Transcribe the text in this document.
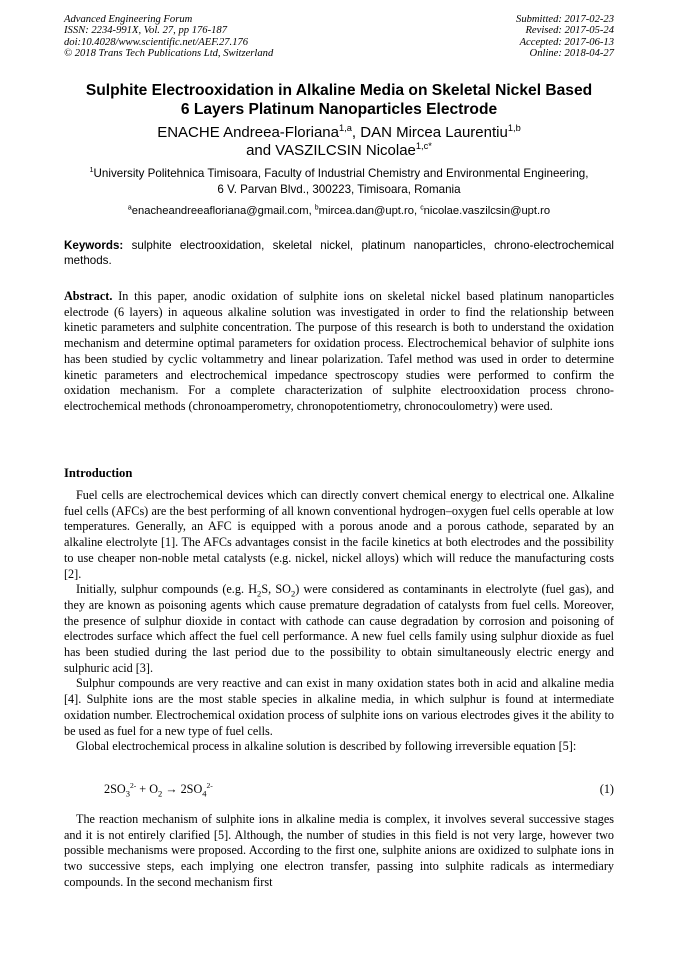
Advanced Engineering Forum
ISSN: 2234-991X, Vol. 27, pp 176-187
doi:10.4028/www.scientific.net/AEF.27.176
© 2018 Trans Tech Publications Ltd, Switzerland
Submitted: 2017-02-23
Revised: 2017-05-24
Accepted: 2017-06-13
Online: 2018-04-27
Sulphite Electrooxidation in Alkaline Media on Skeletal Nickel Based
6 Layers Platinum Nanoparticles Electrode
ENACHE Andreea-Floriana$^{1,a}$, DAN Mircea Laurentiu$^{1,b}$
and VASZILCSIN Nicolae$^{1,c*}$
$^1$University Politehnica Timisoara, Faculty of Industrial Chemistry and Environmental Engineering,
6 V. Parvan Blvd., 300223, Timisoara, Romania
$^a$enacheandreeafloriana@gmail.com, $^b$mircea.dan@upt.ro, $^c$nicolae.vaszilcsin@upt.ro
Keywords: sulphite electrooxidation, skeletal nickel, platinum nanoparticles, chrono-electrochemical methods.
Abstract. In this paper, anodic oxidation of sulphite ions on skeletal nickel based platinum nanoparticles electrode (6 layers) in aqueous alkaline solution was investigated in order to find the relationship between kinetic parameters and sulphite concentration. The purpose of this research is both to understand the oxidation mechanism and determine optimal parameters for oxidation process. Electrochemical behavior of sulphite ions has been studied by cyclic voltammetry and linear polarization. Tafel method was used in order to determine kinetic parameters and electrochemical impedance spectroscopy studies were performed to confirm the oxidation mechanism. For a complete characterization of sulphite electrooxidation process chrono-electrochemical methods (chronoamperometry, chronopotentiometry, chronocoulometry) were used.
Introduction

Fuel cells are electrochemical devices which can directly convert chemical energy to electrical one. Alkaline fuel cells (AFCs) are the best performing of all known conventional hydrogen–oxygen fuel cells operable at low temperatures. Generally, an AFC is equipped with a porous anode and a porous cathode, separated by an alkaline electrolyte [1]. The AFCs advantages consist in the facile kinetics at both electrodes and the possibility to use cheaper non-noble metal catalysts (e.g. nickel, nickel alloys) which will reduce the manufacturing costs [2].

Initially, sulphur compounds (e.g. $H_2S$, $SO_2$) were considered as contaminants in electrolyte (fuel gas), and they are known as poisoning agents which cause premature degradation of catalysts from fuel cells. Moreover, the presence of sulphur dioxide in contact with cathode can cause degradation by corrosion and poisoning of electrodes surface which affect the fuel cell performance. A new fuel cells family using sulphur dioxide as fuel has been studied during the last period due to the possibility to obtain simultaneously electric energy and sulphuric acid [3].

Sulphur compounds are very reactive and can exist in many oxidation states both in acid and alkaline media [4]. Sulphite ions are the most stable species in alkaline media, in which sulphur is found at intermediate oxidation number. Electrochemical oxidation process of sulphite ions on various electrodes gives it the ability to be used as fuel for a new type of fuel cells.

Global electrochemical process in alkaline solution is described by following irreversible equation [5]:

$2SO_3^{2-} + O_2 \to 2SO_4^{2-}$	(1)

The reaction mechanism of sulphite ions in alkaline media is complex, it involves several successive stages and it is not entirely clarified [5]. Although, the number of studies in this field is not very large, however two possible mechanisms were proposed. According to the first one, sulphite anions are oxidized to sulphate ions in two successive steps, each implying one electron transfer, passing into sulphite radicals as intermediary compounds. In the second mechanism first
